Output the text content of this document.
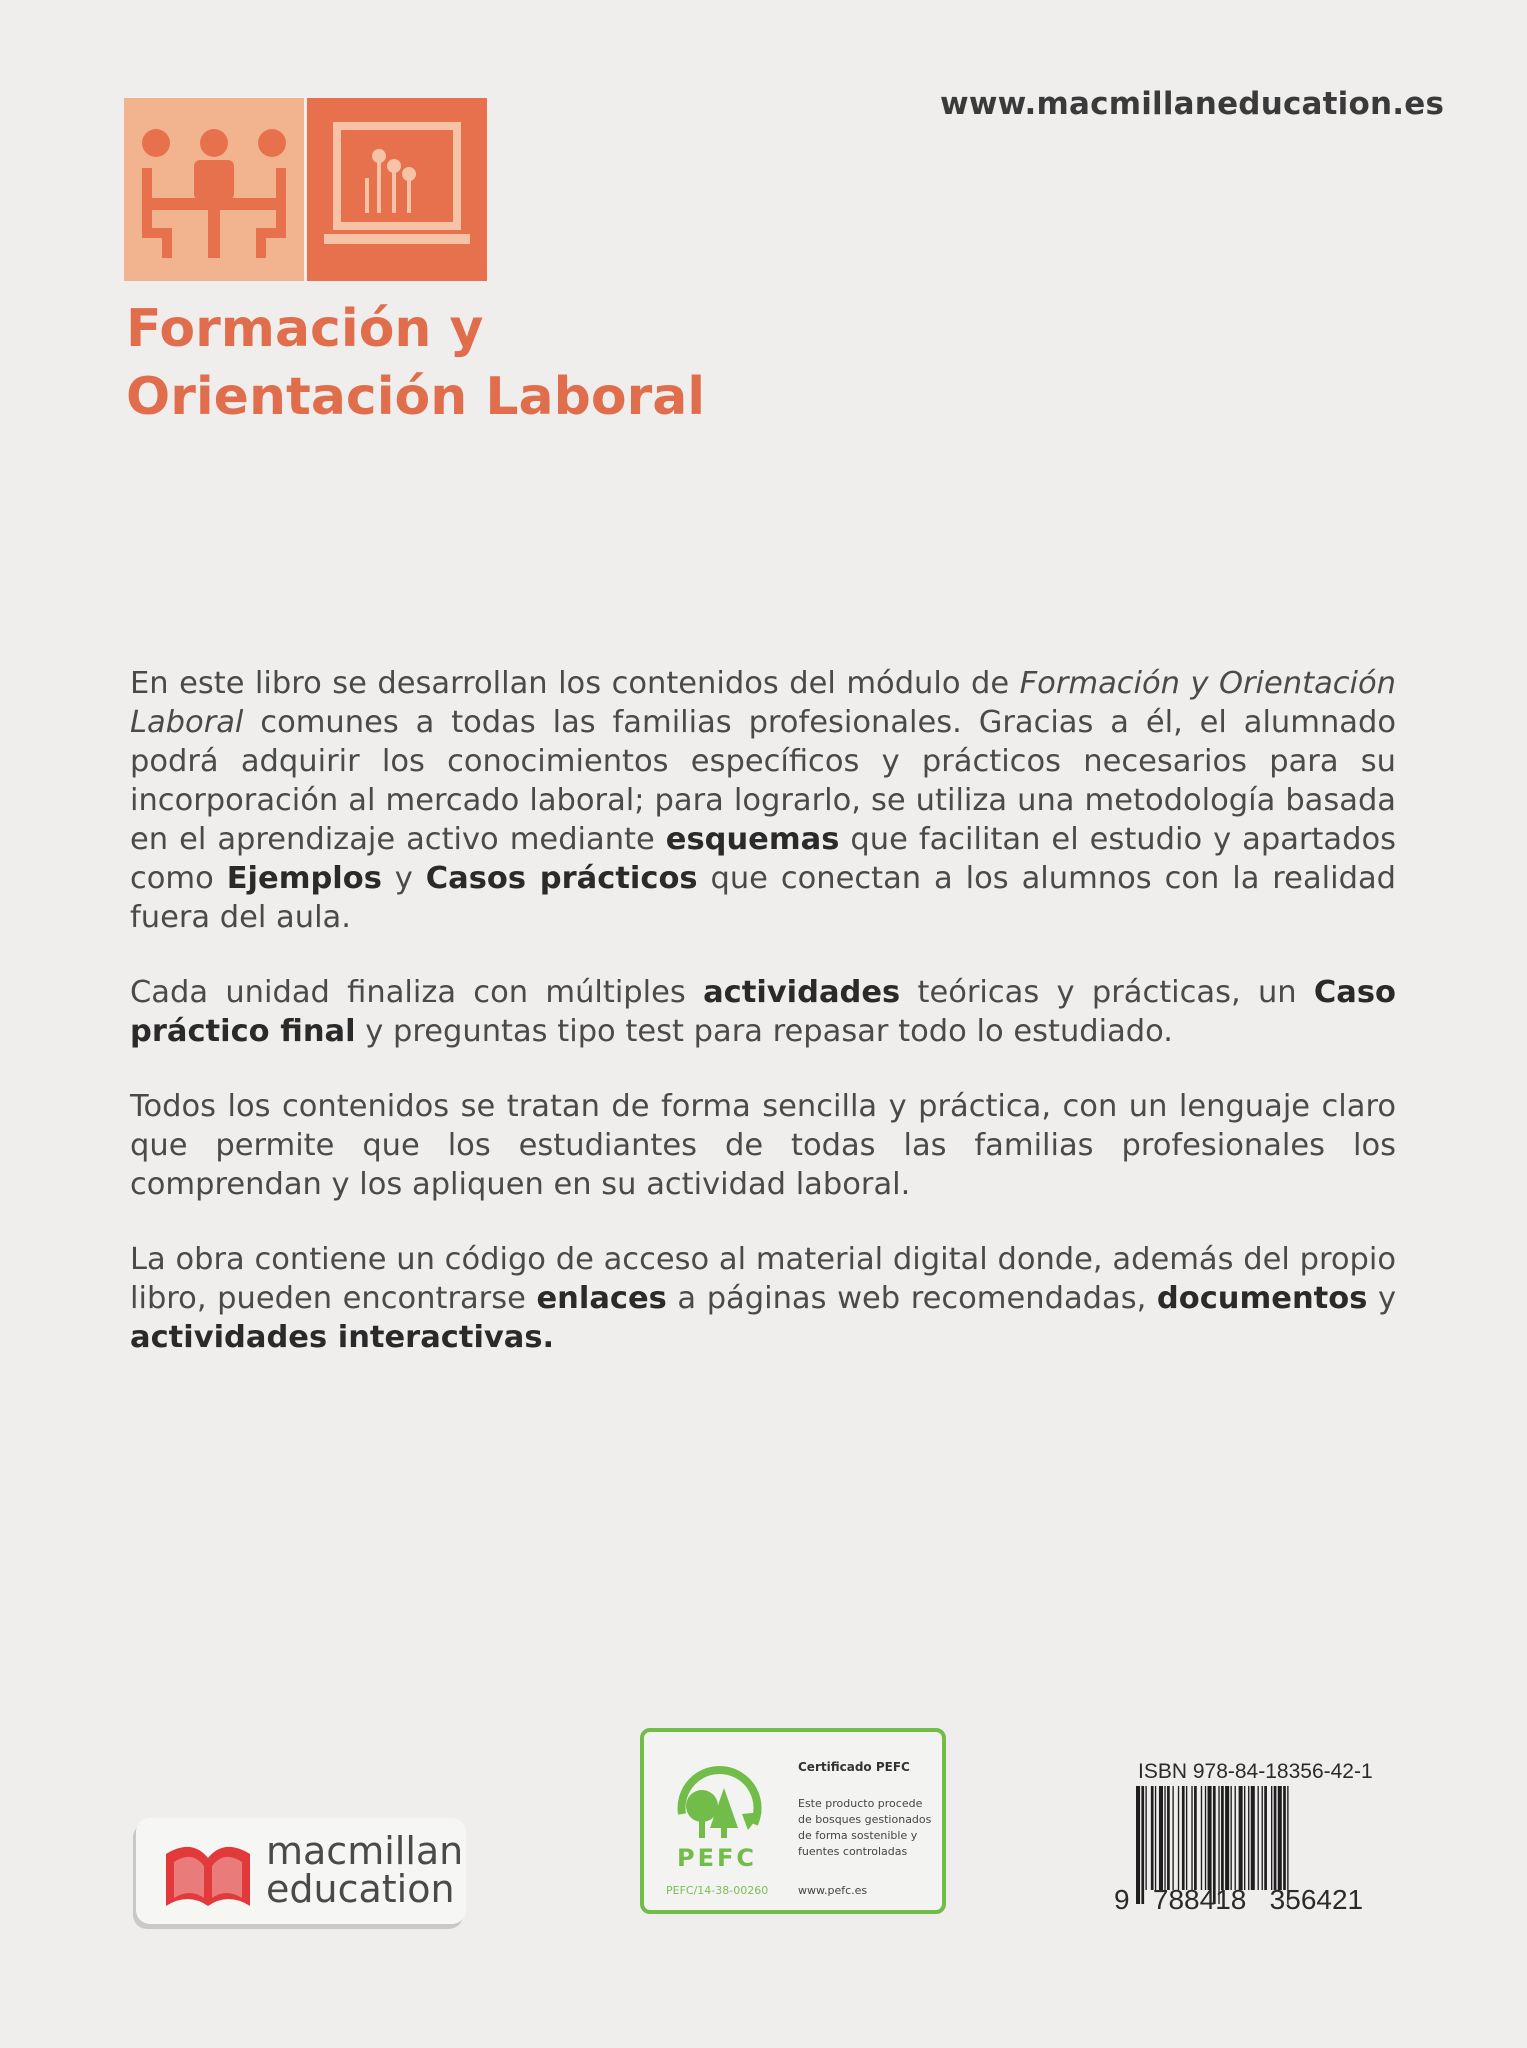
www.macmillaneducation.es
Formación y
Orientación Laboral

En este libro se desarrollan los contenidos del módulo de Formación y Orientación Laboral comunes a todas las familias profesionales. Gracias a él, el alumnado podrá adquirir los conocimientos específicos y prácticos necesarios para su incorporación al mercado laboral; para lograrlo, se utiliza una metodología basada en el aprendizaje activo mediante esquemas que facilitan el estudio y apartados como Ejemplos y Casos prácticos que conectan a los alumnos con la realidad fuera del aula.

Cada unidad finaliza con múltiples actividades teóricas y prácticas, un Caso práctico final y preguntas tipo test para repasar todo lo estudiado.

Todos los contenidos se tratan de forma sencilla y práctica, con un lenguaje claro que permite que los estudiantes de todas las familias profesionales los comprendan y los apliquen en su actividad laboral.

La obra contiene un código de acceso al material digital donde, además del propio libro, pueden encontrarse enlaces a páginas web recomendadas, documentos y actividades interactivas.

macmillan
education
PEFC
PEFC/14-38-00260
Certificado PEFC
Este producto procede de bosques gestionados de forma sostenible y fuentes controladas
www.pefc.es
ISBN 978-84-18356-42-1
9   788418   356421
